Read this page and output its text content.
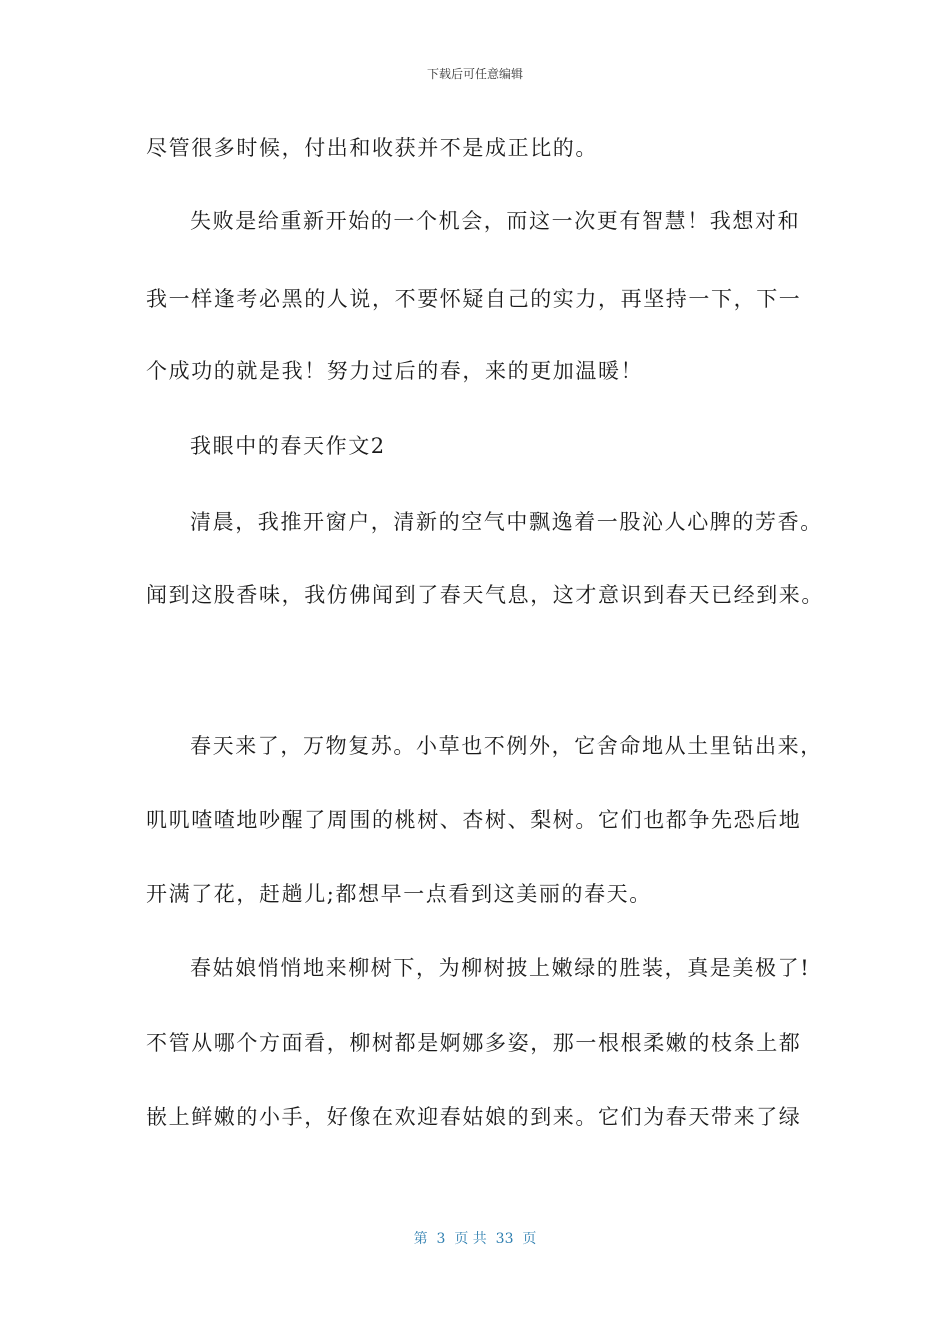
下载后可任意编辑
尽管很多时候，付出和收获并不是成正比的。
失败是给重新开始的一个机会，而这一次更有智慧！我想对和
我一样逢考必黑的人说，不要怀疑自己的实力，再坚持一下，下一
个成功的就是我！努力过后的春，来的更加温暖！
我眼中的春天作文2
清晨，我推开窗户，清新的空气中飘逸着一股沁人心脾的芳香。
闻到这股香味，我仿佛闻到了春天气息，这才意识到春天已经到来。
春天来了，万物复苏。小草也不例外，它舍命地从土里钻出来，
叽叽喳喳地吵醒了周围的桃树、杏树、梨树。它们也都争先恐后地
开满了花，赶趟儿;都想早一点看到这美丽的春天。
春姑娘悄悄地来柳树下，为柳树披上嫩绿的胜装，真是美极了!
不管从哪个方面看，柳树都是婀娜多姿，那一根根柔嫩的枝条上都
嵌上鲜嫩的小手，好像在欢迎春姑娘的到来。它们为春天带来了绿
第  3  页 共  33  页
